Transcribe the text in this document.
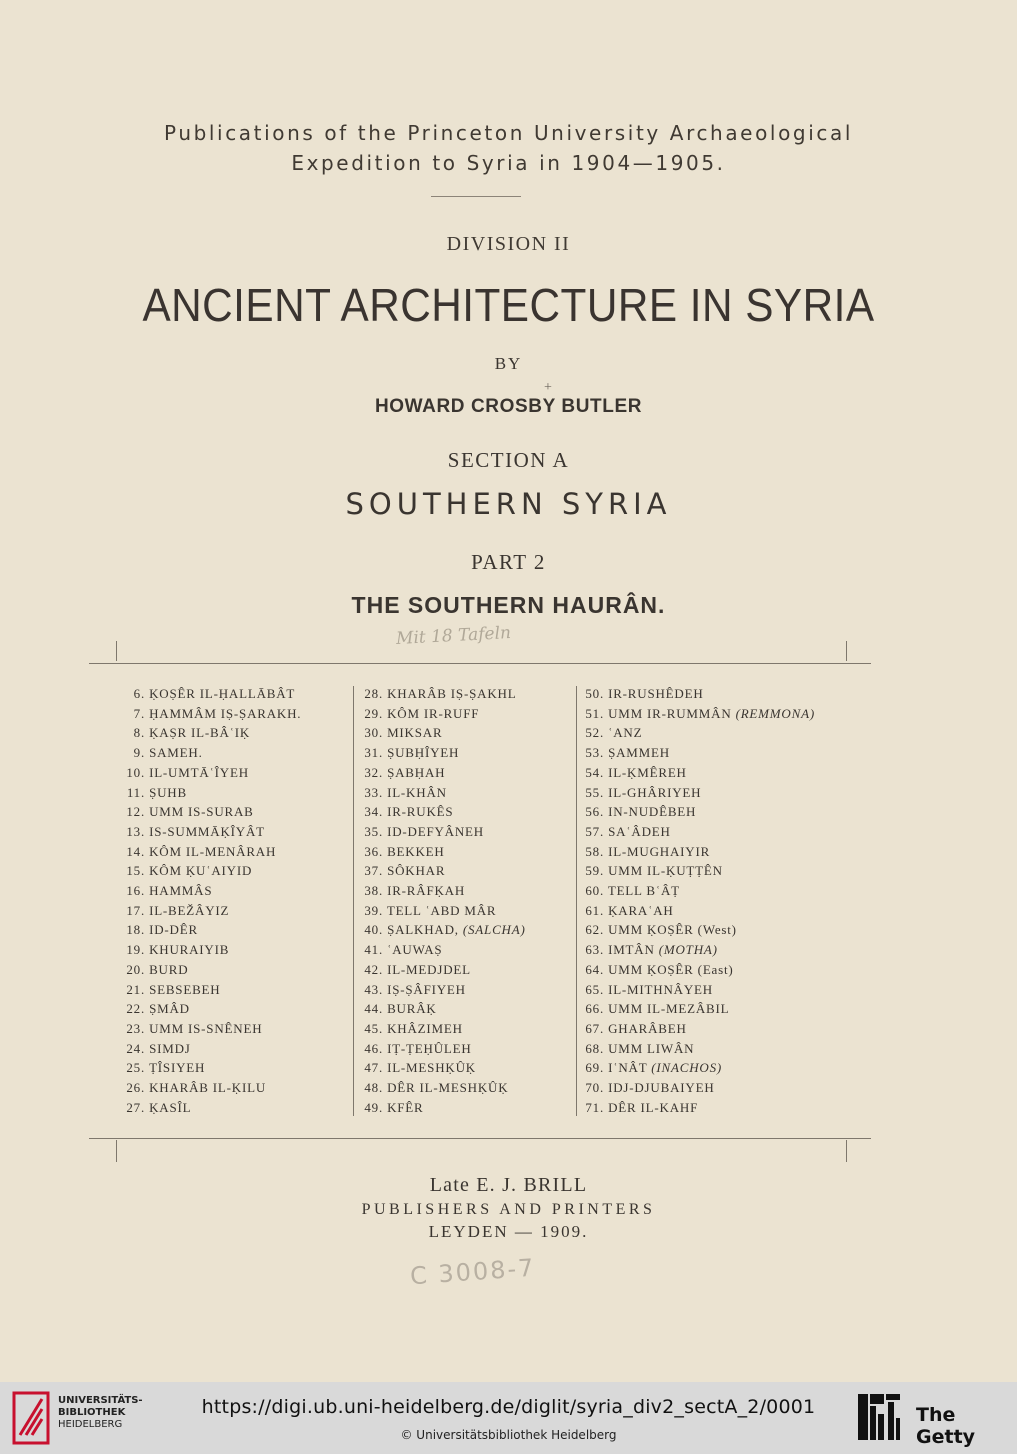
Publications of the Princeton University Archaeological
Expedition to Syria in 1904—1905.
DIVISION II
ANCIENT ARCHITECTURE IN SYRIA
BY
+
HOWARD CROSBY BUTLER
SECTION A
SOUTHERN SYRIA
PART 2
THE SOUTHERN HAURÂN.
Mit 18 Tafeln
6. ḲOṢÊR IL-ḤALLĀBÂT
7. ḤAMMÂM IṢ-ṢARAKH.
8. ḲAṢR IL-BÂʿIḲ
9. SAMEH.
10. IL-UMTĀʿÎYEH
11. ṢUHB
12. UMM IS-SURAB
13. IS-SUMMĀḲÎYÂT
14. KÔM IL-MENÂRAH
15. KÔM ḲUʿAIYID
16. HAMMÂS
17. IL-BEŽÂYIZ
18. ID-DÊR
19. KHURAIYIB
20. BURD
21. SEBSEBEH
22. ṢMÂD
23. UMM IS-SNÊNEH
24. SIMDJ
25. ṬÎSIYEH
26. KHARÂB IL-ḲILU
27. ḲASÎL
28. KHARÂB IṢ-ṢAKHL
29. KÔM IR-RUFF
30. MIKSAR
31. ṢUBḤÎYEH
32. ṢABḤAH
33. IL-KHÂN
34. IR-RUKÊS
35. ID-DEFYÂNEH
36. BEKKEH
37. SÔKHAR
38. IR-RÂFḲAH
39. TELL ʿABD MÂR
40. ṢALKHAD, (SALCHA)
41. ʿAUWAṢ
42. IL-MEDJDEL
43. IṢ-ṢÂFIYEH
44. BURÂḲ
45. KHÂZIMEH
46. IṬ-ṬEḤÛLEH
47. IL-MESHḲÛḲ
48. DÊR IL-MESHḲÛḲ
49. KFÊR
50. IR-RUSHÊDEH
51. UMM IR-RUMMÂN (REMMONA)
52. ʿANZ
53. ṢAMMEH
54. IL-ḲMÊREH
55. IL-GHÂRIYEH
56. IN-NUDÊBEH
57. SAʿÂDEH
58. IL-MUGHAIYIR
59. UMM IL-ḲUṬṬÊN
60. TELL BʿÂṬ
61. ḲARAʿAH
62. UMM ḲOṢÊR (West)
63. IMTÂN (MOTHA)
64. UMM ḲOṢÊR (East)
65. IL-MITHNÂYEH
66. UMM IL-MEZÂBIL
67. GHARÂBEH
68. UMM LIWÂN
69. IʿNÂT (INACHOS)
70. IDJ-DJUBAIYEH
71. DÊR IL-KAHF
Late E. J. BRILL
PUBLISHERS AND PRINTERS
LEYDEN — 1909.
C 3008-7
UNIVERSITÄTS-
BIBLIOTHEK
HEIDELBERG
https://digi.ub.uni-heidelberg.de/diglit/syria_div2_sectA_2/0001
© Universitätsbibliothek Heidelberg
The Getty
